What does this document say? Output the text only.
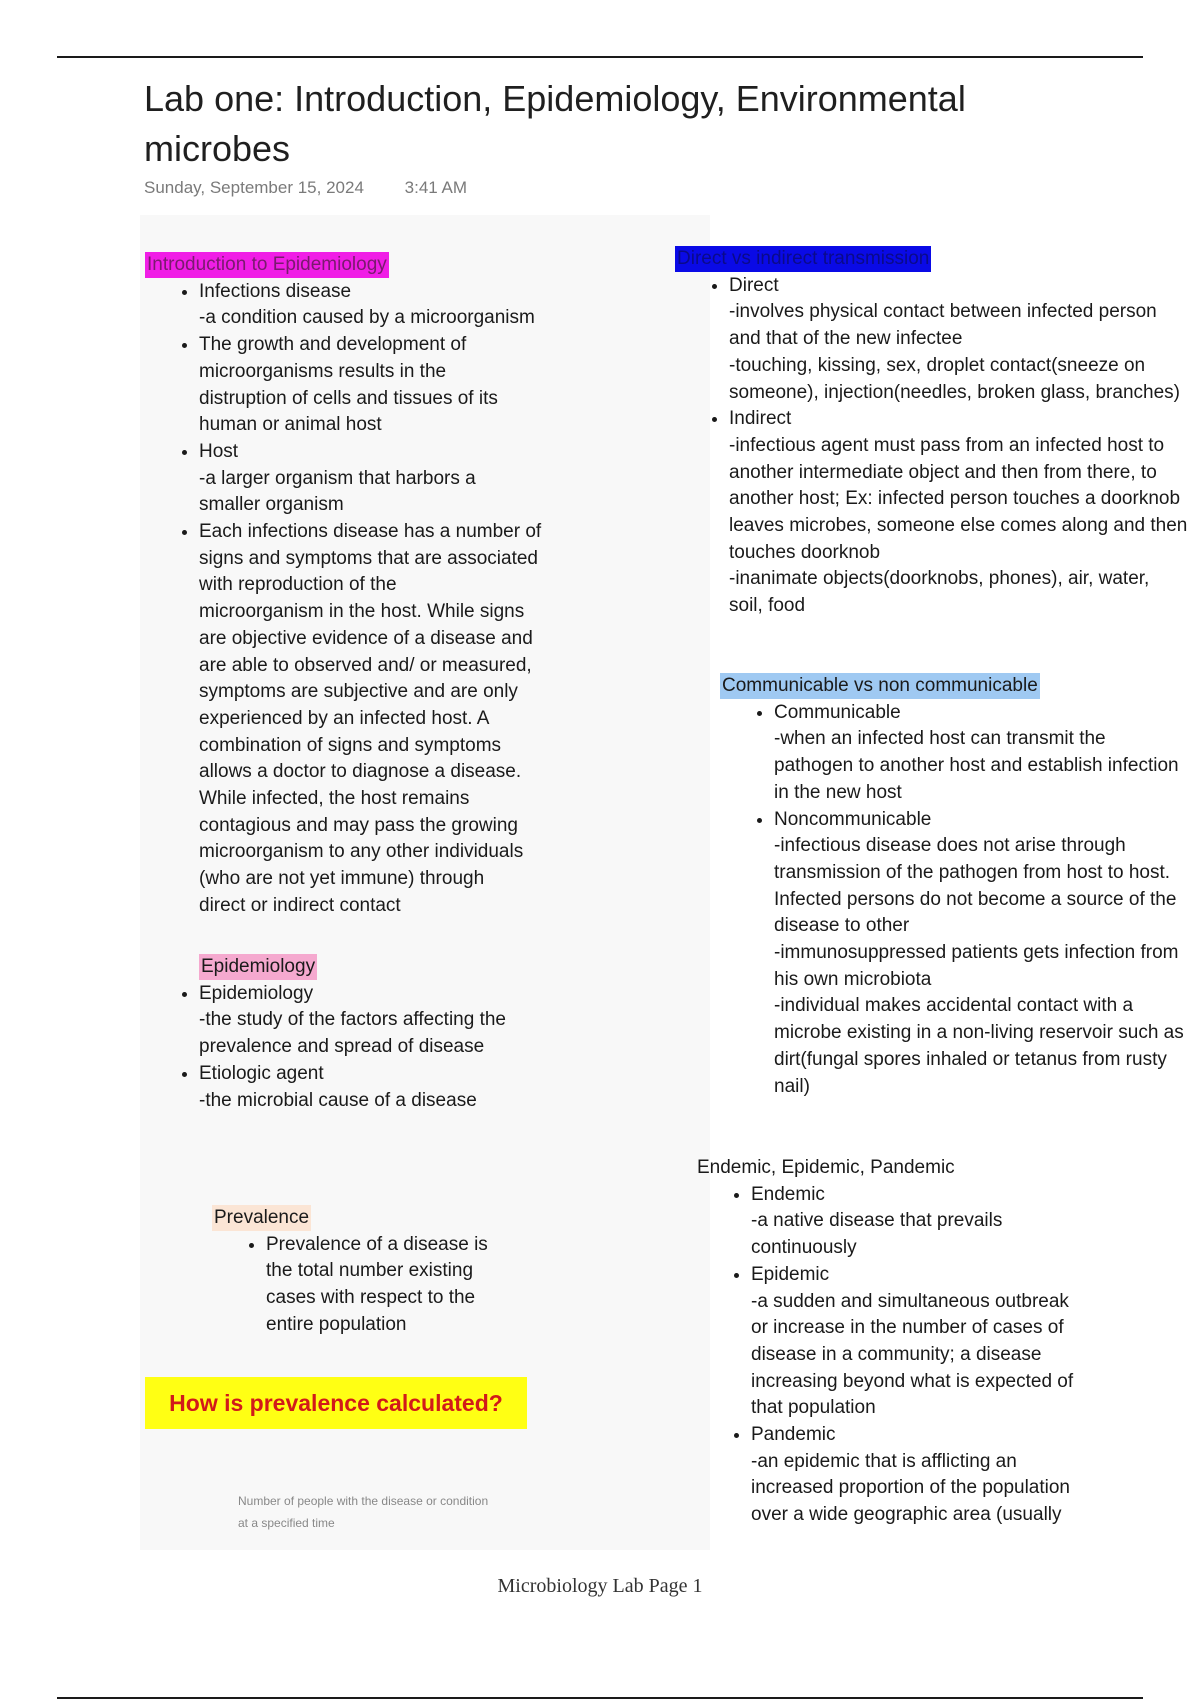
Lab one: Introduction, Epidemiology, Environmental microbes
Sunday, September 15, 2024 3:41 AM
Introduction to Epidemiology
• Infections disease
-a condition caused by a microorganism
• The growth and development of
microorganisms results in the
distruption of cells and tissues of its
human or animal host
• Host
-a larger organism that harbors a
smaller organism
• Each infections disease has a number of
signs and symptoms that are associated
with reproduction of the
microorganism in the host. While signs
are objective evidence of a disease and
are able to observed and/ or measured,
symptoms are subjective and are only
experienced by an infected host. A
combination of signs and symptoms
allows a doctor to diagnose a disease.
While infected, the host remains
contagious and may pass the growing
microorganism to any other individuals
(who are not yet immune) through
direct or indirect contact
Epidemiology
• Epidemiology
-the study of the factors affecting the
prevalence and spread of disease
• Etiologic agent
-the microbial cause of a disease
Prevalence
• Prevalence of a disease is
the total number existing
cases with respect to the
entire population
How is prevalence calculated?
Number of people with the disease or condition
at a specified time
Direct vs indirect transmission
• Direct
-involves physical contact between infected person
and that of the new infectee
-touching, kissing, sex, droplet contact(sneeze on
someone), injection(needles, broken glass, branches)
• Indirect
-infectious agent must pass from an infected host to
another intermediate object and then from there, to
another host; Ex: infected person touches a doorknob
leaves microbes, someone else comes along and then
touches doorknob
-inanimate objects(doorknobs, phones), air, water,
soil, food
Communicable vs non communicable
• Communicable
-when an infected host can transmit the
pathogen to another host and establish infection
in the new host
• Noncommunicable
-infectious disease does not arise through
transmission of the pathogen from host to host.
Infected persons do not become a source of the
disease to other
-immunosuppressed patients gets infection from
his own microbiota
-individual makes accidental contact with a
microbe existing in a non-living reservoir such as
dirt(fungal spores inhaled or tetanus from rusty
nail)
Endemic, Epidemic, Pandemic
• Endemic
-a native disease that prevails
continuously
• Epidemic
-a sudden and simultaneous outbreak
or increase in the number of cases of
disease in a community; a disease
increasing beyond what is expected of
that population
• Pandemic
-an epidemic that is afflicting an
increased proportion of the population
over a wide geographic area (usually
Microbiology Lab Page 1
